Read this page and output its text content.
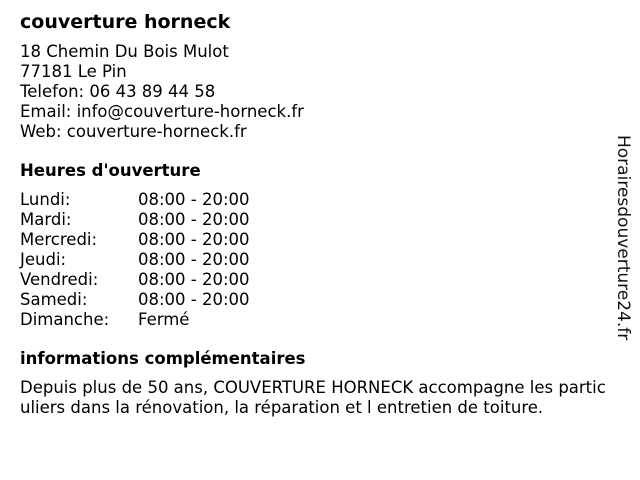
couverture horneck
18 Chemin Du Bois Mulot
77181 Le Pin
Telefon: 06 43 89 44 58
Email: info@couverture-horneck.fr
Web: couverture-horneck.fr
Heures d'ouverture
Lundi:	08:00 - 20:00
Mardi:	08:00 - 20:00
Mercredi:	08:00 - 20:00
Jeudi:	08:00 - 20:00
Vendredi:	08:00 - 20:00
Samedi:	08:00 - 20:00
Dimanche:	Fermé
informations complémentaires
Depuis plus de 50 ans, COUVERTURE HORNECK accompagne les particuliers dans la rénovation, la réparation et l entretien de toiture.
Horairesdouverture24.fr
